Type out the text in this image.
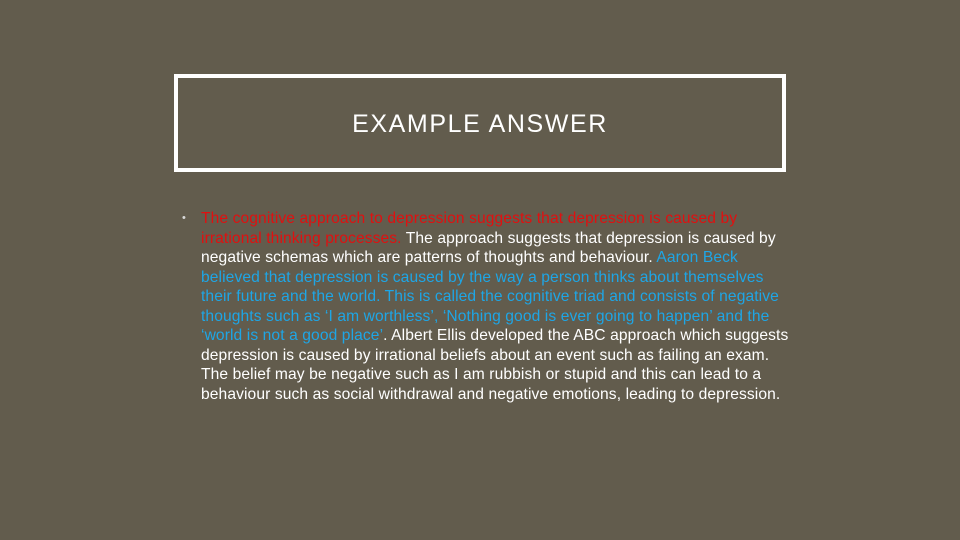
EXAMPLE ANSWER
• The cognitive approach to depression suggests that depression is caused by irrational thinking processes. The approach suggests that depression is caused by negative schemas which are patterns of thoughts and behaviour. Aaron Beck believed that depression is caused by the way a person thinks about themselves their future and the world. This is called the cognitive triad and consists of negative thoughts such as ‘I am worthless’, ‘Nothing good is ever going to happen’ and the ‘world is not a good place’. Albert Ellis developed the ABC approach which suggests depression is caused by irrational beliefs about an event such as failing an exam. The belief may be negative such as I am rubbish or stupid and this can lead to a behaviour such as social withdrawal and negative emotions, leading to depression.
